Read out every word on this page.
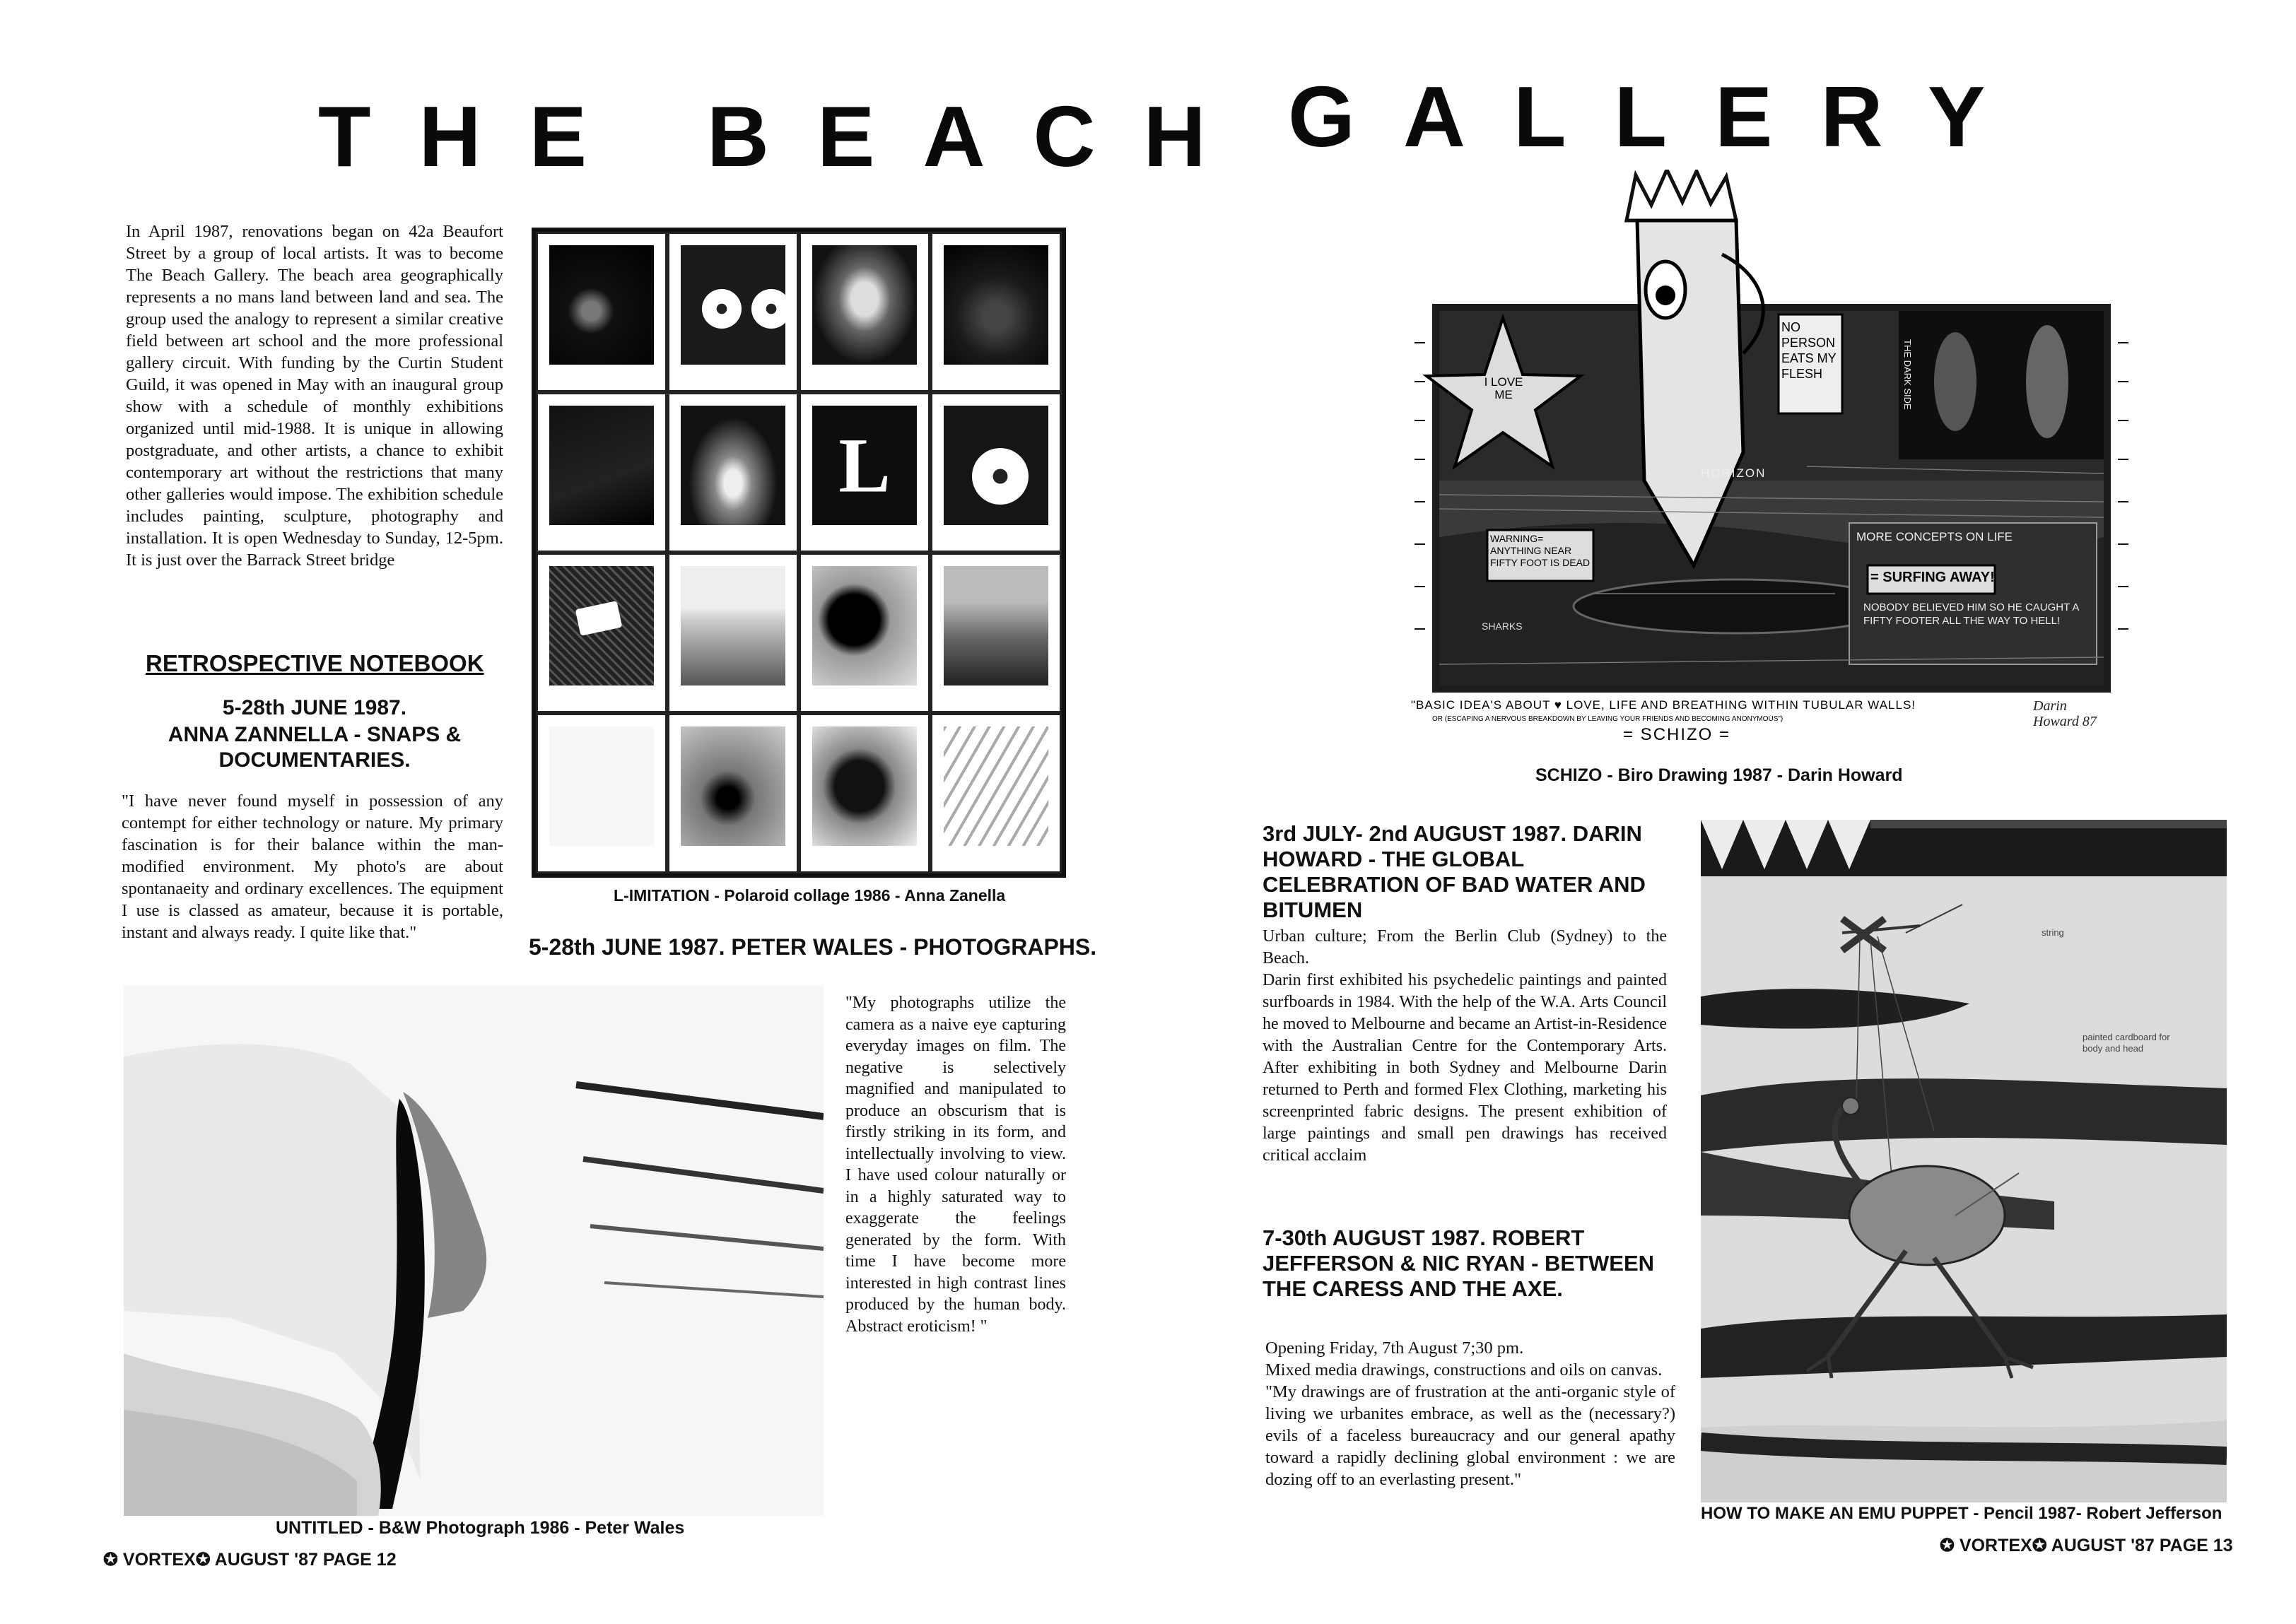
THE BEACH
In April 1987, renovations began on 42a Beaufort Street by a group of local artists. It was to become The Beach Gallery. The beach area geographically represents a no mans land between land and sea. The group used the analogy to represent a similar creative field between art school and the more professional gallery circuit. With funding by the Curtin Student Guild, it was opened in May with an inaugural group show with a schedule of monthly exhibitions organized until mid-1988. It is unique in allowing postgraduate, and other artists, a chance to exhibit contemporary art without the restrictions that many other galleries would impose. The exhibition schedule includes painting, sculpture, photography and installation. It is open Wednesday to Sunday, 12-5pm. It is just over the Barrack Street bridge
RETROSPECTIVE NOTEBOOK
5-28th JUNE 1987.
ANNA ZANNELLA - SNAPS & DOCUMENTARIES.
"I have never found myself in possession of any contempt for either technology or nature. My primary fascination is for their balance within the man-modified environment. My photo's are about spontanaeity and ordinary excellences. The equipment I use is classed as amateur, because it is portable, instant and always ready. I quite like that."
L
L-IMITATION - Polaroid collage 1986 - Anna Zanella
5-28th JUNE 1987. PETER WALES - PHOTOGRAPHS.
"My photographs utilize the camera as a naive eye capturing everyday images on film. The negative is selectively magnified and manipulated to produce an obscurism that is firstly striking in its form, and intellectually involving to view. I have used colour naturally or in a highly saturated way to exaggerate the feelings generated by the form. With time I have become more interested in high contrast lines produced by the human body. Abstract eroticism! "
UNTITLED - B&W Photograph 1986 - Peter Wales
✪ VORTEX✪ AUGUST '87 PAGE 12
GALLERY
I LOVE ME
NO PERSON EATS MY FLESH
HORIZON
THE DARK SIDE
WARNING= ANYTHING NEAR FIFTY FOOT IS DEAD
SHARKS
MORE CONCEPTS ON LIFE
= SURFING AWAY!
NOBODY BELIEVED HIM SO HE CAUGHT A FIFTY FOOTER ALL THE WAY TO HELL!
"BASIC IDEA'S ABOUT ♥ LOVE, LIFE AND BREATHING WITHIN TUBULAR WALLS!
OR (ESCAPING A NERVOUS BREAKDOWN BY LEAVING YOUR FRIENDS AND BECOMING ANONYMOUS")
= SCHIZO =
Darin Howard 87
SCHIZO - Biro Drawing 1987 - Darin Howard
3rd JULY- 2nd AUGUST 1987. DARIN HOWARD - THE GLOBAL CELEBRATION OF BAD WATER AND BITUMEN
Urban culture; From the Berlin Club (Sydney) to the Beach.
Darin first exhibited his psychedelic paintings and painted surfboards in 1984. With the help of the W.A. Arts Council he moved to Melbourne and became an Artist-in-Residence with the Australian Centre for the Contemporary Arts. After exhibiting in both Sydney and Melbourne Darin returned to Perth and formed Flex Clothing, marketing his screenprinted fabric designs. The present exhibition of large paintings and small pen drawings has received critical acclaim
7-30th AUGUST 1987. ROBERT JEFFERSON & NIC RYAN - BETWEEN THE CARESS AND THE AXE.
Opening Friday, 7th August 7;30 pm.
Mixed media drawings, constructions and oils on canvas.
"My drawings are of frustration at the anti-organic style of living we urbanites embrace, as well as the (necessary?) evils of a faceless bureaucracy and our general apathy toward a rapidly declining global environment : we are dozing off to an everlasting present."
string
painted cardboard for body and head
HOW TO MAKE AN EMU PUPPET - Pencil 1987- Robert Jefferson
✪ VORTEX✪ AUGUST '87 PAGE 13
